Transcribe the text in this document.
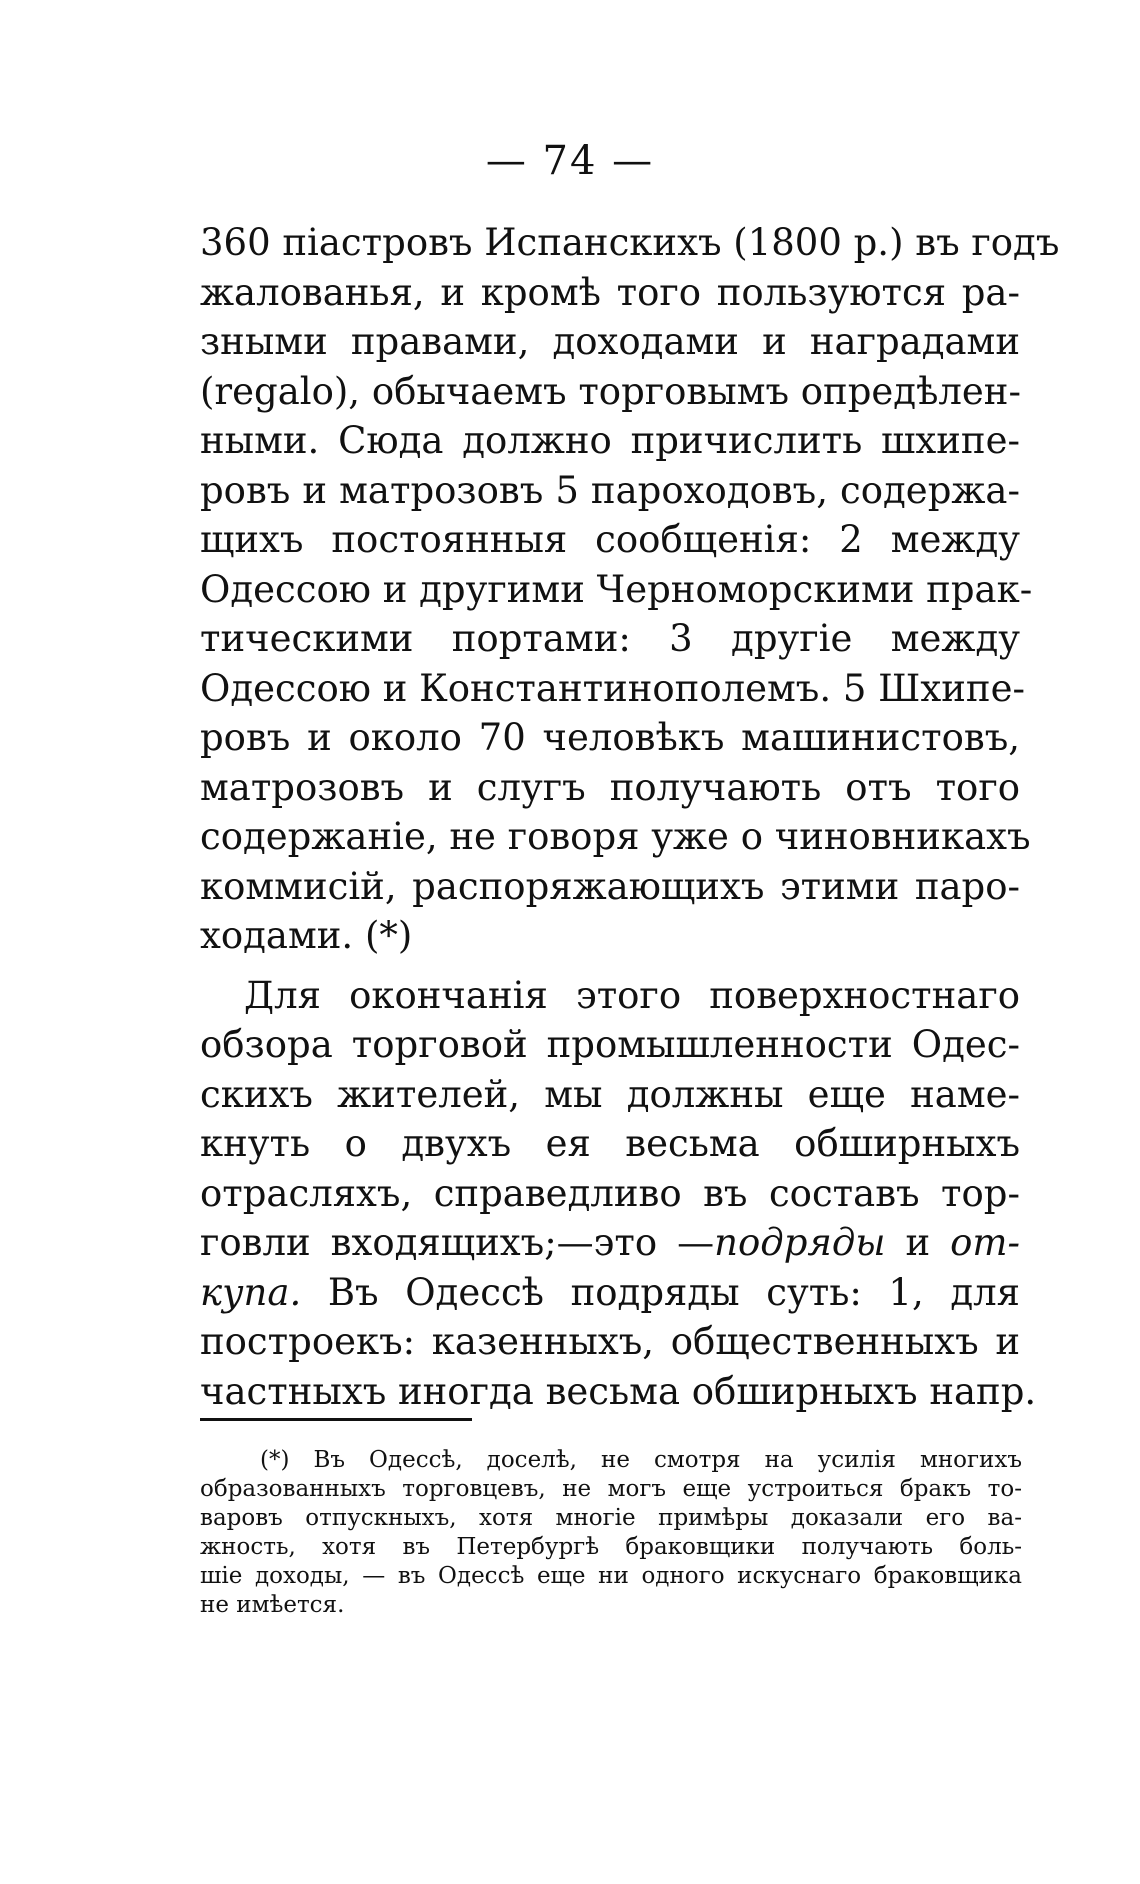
— 74 —
360 піастровъ Испанскихъ (1800 р.) въ годъ
жалованья, и кромѣ того пользуются ра-
зными правами, доходами и наградами
(regalo), обычаемъ торговымъ опредѣлен-
ными. Сюда должно причислить шхипе-
ровъ и матрозовъ 5 пароходовъ, содержа-
щихъ постоянныя сообщенія: 2 между
Одессою и другими Черноморскими прак-
тическими портами: 3 другіе между
Одессою и Константинополемъ. 5 Шхипе-
ровъ и около 70 человѣкъ машинистовъ,
матрозовъ и слугъ получають отъ того
содержаніе, не говоря уже о чиновникахъ
коммисій, распоряжающихъ этими паро-
ходами. (*)
Для окончанія этого поверхностнаго
обзора торговой промышленности Одес-
скихъ жителей, мы должны еще наме-
кнуть о двухъ ея весьма обширныхъ
отрасляхъ, справедливо въ составъ тор-
говли входящихъ;—это —подряды и от-
купа. Въ Одессѣ подряды суть: 1, для
построекъ: казенныхъ, общественныхъ и
частныхъ иногда весьма обширныхъ напр.
(*) Въ Одессѣ, доселѣ, не смотря на усилія многихъ
образованныхъ торговцевъ, не могъ еще устроиться бракъ то-
варовъ отпускныхъ, хотя многіе примѣры доказали его ва-
жность, хотя въ Петербургѣ браковщики получають боль-
шіе доходы, — въ Одессѣ еще ни одного искуснаго браковщика
не имѣется.
